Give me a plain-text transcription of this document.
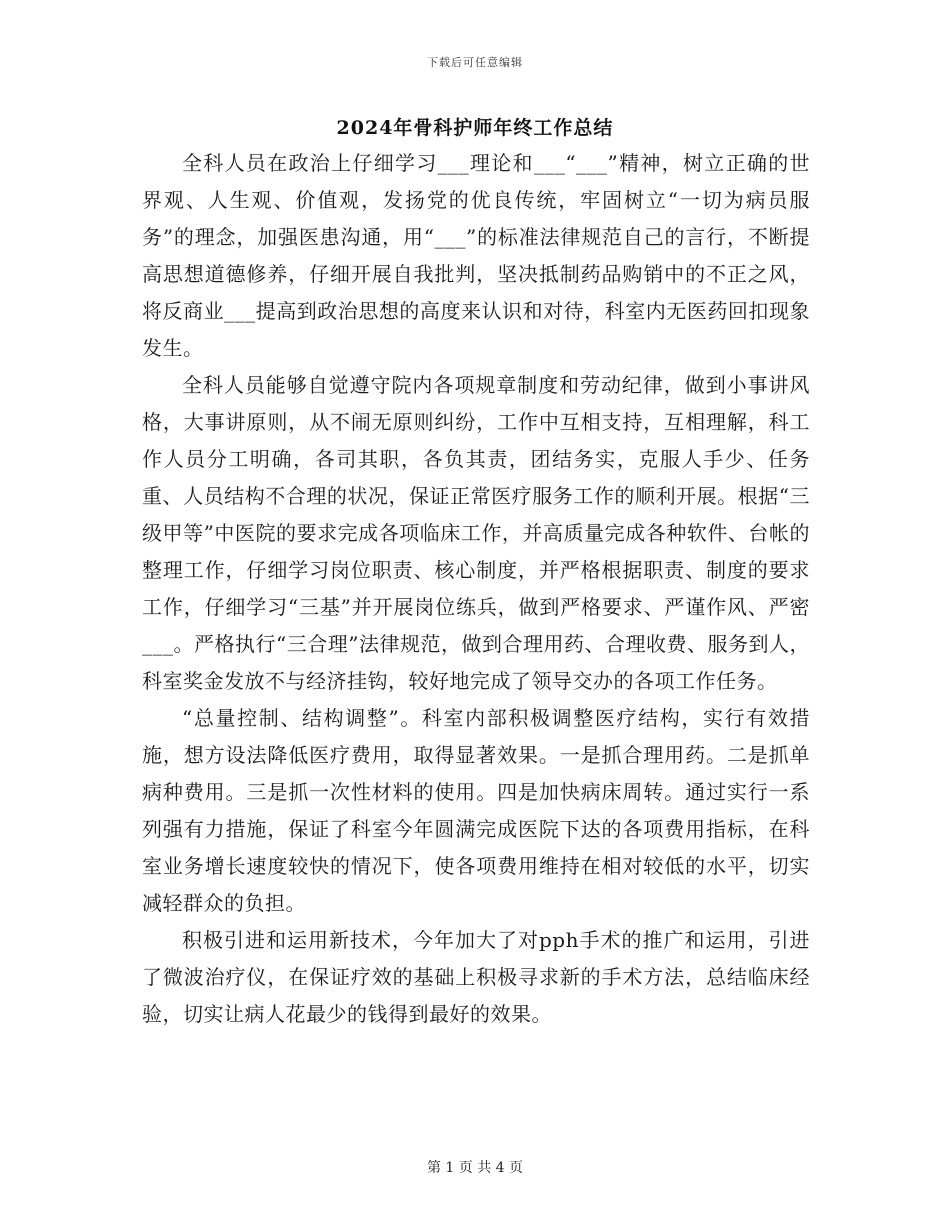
下载后可任意编辑
2024年骨科护师年终工作总结

全科人员在政治上仔细学习___理论和___“___”精神，树立正确的世界观、人生观、价值观，发扬党的优良传统，牢固树立“一切为病员服务”的理念，加强医患沟通，用“___”的标准法律规范自己的言行，不断提高思想道德修养，仔细开展自我批判，坚决抵制药品购销中的不正之风，将反商业___提高到政治思想的高度来认识和对待，科室内无医药回扣现象发生。

全科人员能够自觉遵守院内各项规章制度和劳动纪律，做到小事讲风格，大事讲原则，从不闹无原则纠纷，工作中互相支持，互相理解，科工作人员分工明确，各司其职，各负其责，团结务实，克服人手少、任务重、人员结构不合理的状况，保证正常医疗服务工作的顺利开展。根据“三级甲等”中医院的要求完成各项临床工作，并高质量完成各种软件、台帐的整理工作，仔细学习岗位职责、核心制度，并严格根据职责、制度的要求工作，仔细学习“三基”并开展岗位练兵，做到严格要求、严谨作风、严密___。严格执行“三合理”法律规范，做到合理用药、合理收费、服务到人，科室奖金发放不与经济挂钩，较好地完成了领导交办的各项工作任务。

“总量控制、结构调整”。科室内部积极调整医疗结构，实行有效措施，想方设法降低医疗费用，取得显著效果。一是抓合理用药。二是抓单病种费用。三是抓一次性材料的使用。四是加快病床周转。通过实行一系列强有力措施，保证了科室今年圆满完成医院下达的各项费用指标，在科室业务增长速度较快的情况下，使各项费用维持在相对较低的水平，切实减轻群众的负担。

积极引进和运用新技术，今年加大了对pph手术的推广和运用，引进了微波治疗仪，在保证疗效的基础上积极寻求新的手术方法，总结临床经验，切实让病人花最少的钱得到最好的效果。

第 1 页 共 4 页
